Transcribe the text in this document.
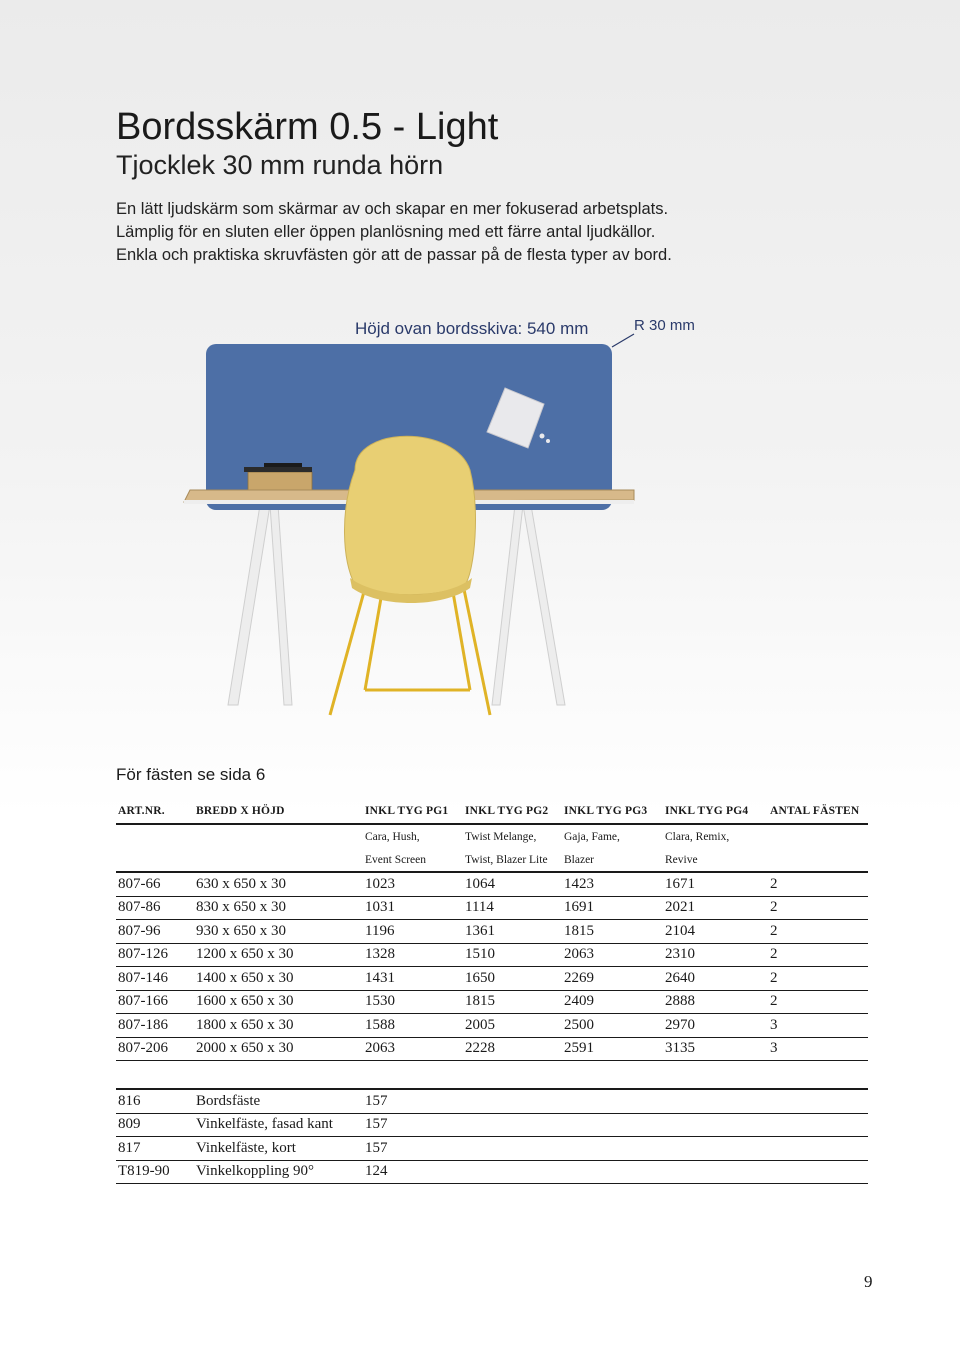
Bordsskärm 0.5 - Light
Tjocklek 30 mm runda hörn
En lätt ljudskärm som skärmar av och skapar en mer fokuserad arbetsplats.
Lämplig för en sluten eller öppen planlösning med ett färre antal ljudkällor.
Enkla och praktiska skruvfästen gör att de passar på de flesta typer av bord.
Höjd ovan bordsskiva: 540 mm	R 30 mm
För fästen se sida 6
ART.NR.	BREDD X HÖJD	INKL TYG PG1	INKL TYG PG2	INKL TYG PG3	INKL TYG PG4	ANTAL FÄSTEN
		Cara, Hush,	Twist Melange,	Gaja, Fame,	Clara, Remix,	
		Event Screen	Twist, Blazer Lite	Blazer	Revive	
807-66	630 x 650 x 30	1023	1064	1423	1671	2
807-86	830 x 650 x 30	1031	1114	1691	2021	2
807-96	930 x 650 x 30	1196	1361	1815	2104	2
807-126	1200 x 650 x 30	1328	1510	2063	2310	2
807-146	1400 x 650 x 30	1431	1650	2269	2640	2
807-166	1600 x 650 x 30	1530	1815	2409	2888	2
807-186	1800 x 650 x 30	1588	2005	2500	2970	3
807-206	2000 x 650 x 30	2063	2228	2591	3135	3
816	Bordsfäste	157
809	Vinkelfäste, fasad kant	157
817	Vinkelfäste, kort	157
T819-90	Vinkelkoppling 90°	124
9
